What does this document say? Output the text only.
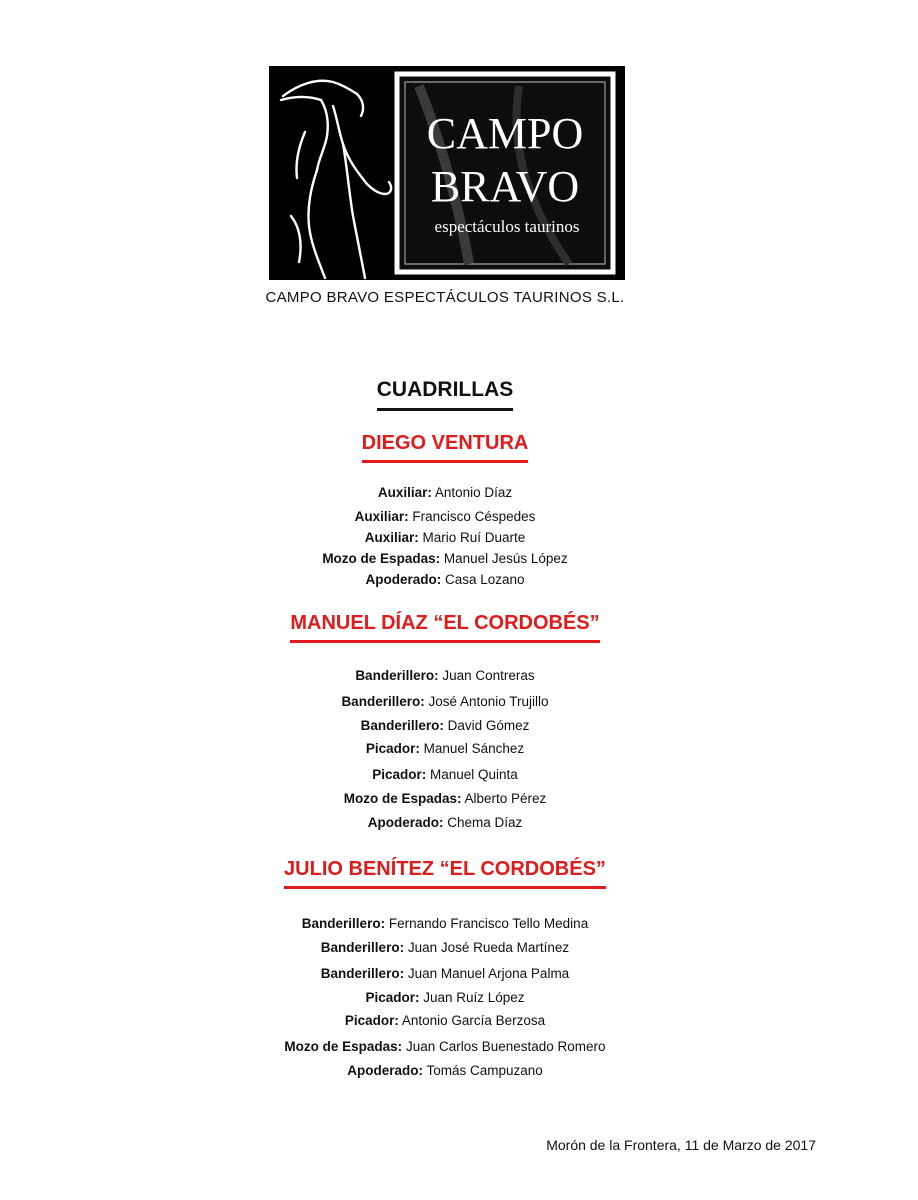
CAMPO
BRAVO
espectáculos taurinos
CAMPO BRAVO ESPECTÁCULOS TAURINOS S.L.
CUADRILLAS
DIEGO VENTURA
Auxiliar: Antonio Díaz
Auxiliar: Francisco Céspedes
Auxiliar: Mario Ruí Duarte
Mozo de Espadas: Manuel Jesús López
Apoderado: Casa Lozano
MANUEL DÍAZ “EL CORDOBÉS”
Banderillero: Juan Contreras
Banderillero: José Antonio Trujillo
Banderillero: David Gómez
Picador: Manuel Sánchez
Picador: Manuel Quinta
Mozo de Espadas: Alberto Pérez
Apoderado: Chema Díaz
JULIO BENÍTEZ “EL CORDOBÉS”
Banderillero: Fernando Francisco Tello Medina
Banderillero: Juan José Rueda Martínez
Banderillero: Juan Manuel Arjona Palma
Picador: Juan Ruíz López
Picador: Antonio García Berzosa
Mozo de Espadas: Juan Carlos Buenestado Romero
Apoderado: Tomás Campuzano
Morón de la Frontera, 11 de Marzo de 2017
